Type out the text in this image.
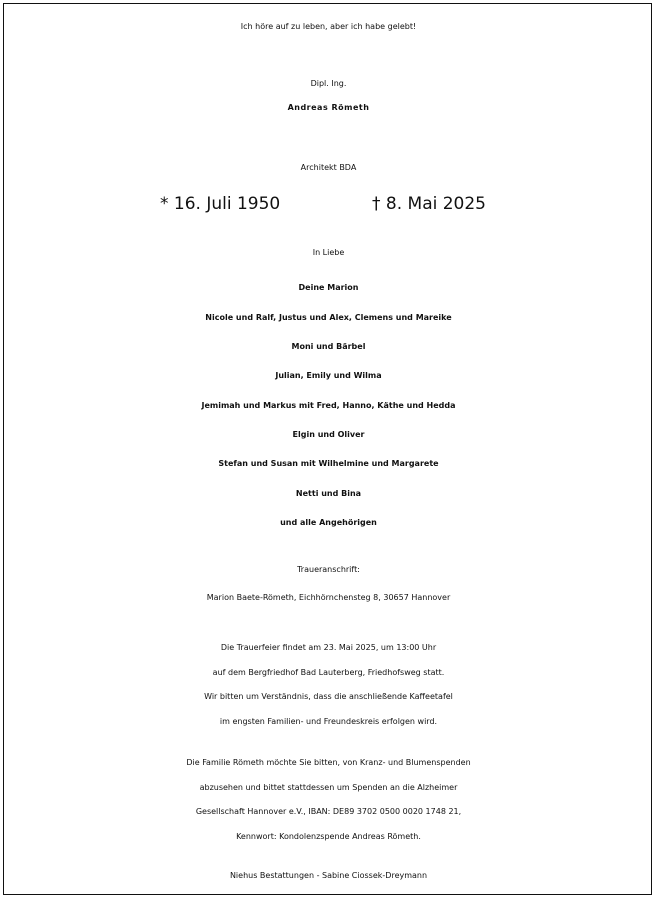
Ich höre auf zu leben, aber ich habe gelebt!
Dipl. Ing.
Andreas Römeth
Architekt BDA
* 16. Juli 1950	† 8. Mai 2025
In Liebe
Deine Marion
Nicole und Ralf, Justus und Alex, Clemens und Mareike
Moni und Bärbel
Julian, Emily und Wilma
Jemimah und Markus mit Fred, Hanno, Käthe und Hedda
Elgin und Oliver
Stefan und Susan mit Wilhelmine und Margarete
Netti und Bina
und alle Angehörigen
Traueranschrift:
Marion Baete-Römeth, Eichhörnchensteg 8, 30657 Hannover
Die Trauerfeier findet am 23. Mai 2025, um 13:00 Uhr
auf dem Bergfriedhof Bad Lauterberg, Friedhofsweg statt.
Wir bitten um Verständnis, dass die anschließende Kaffeetafel
im engsten Familien- und Freundeskreis erfolgen wird.
Die Familie Römeth möchte Sie bitten, von Kranz- und Blumenspenden
abzusehen und bittet stattdessen um Spenden an die Alzheimer
Gesellschaft Hannover e.V., IBAN: DE89 3702 0500 0020 1748 21,
Kennwort: Kondolenzspende Andreas Römeth.
Niehus Bestattungen - Sabine Ciossek-Dreymann
